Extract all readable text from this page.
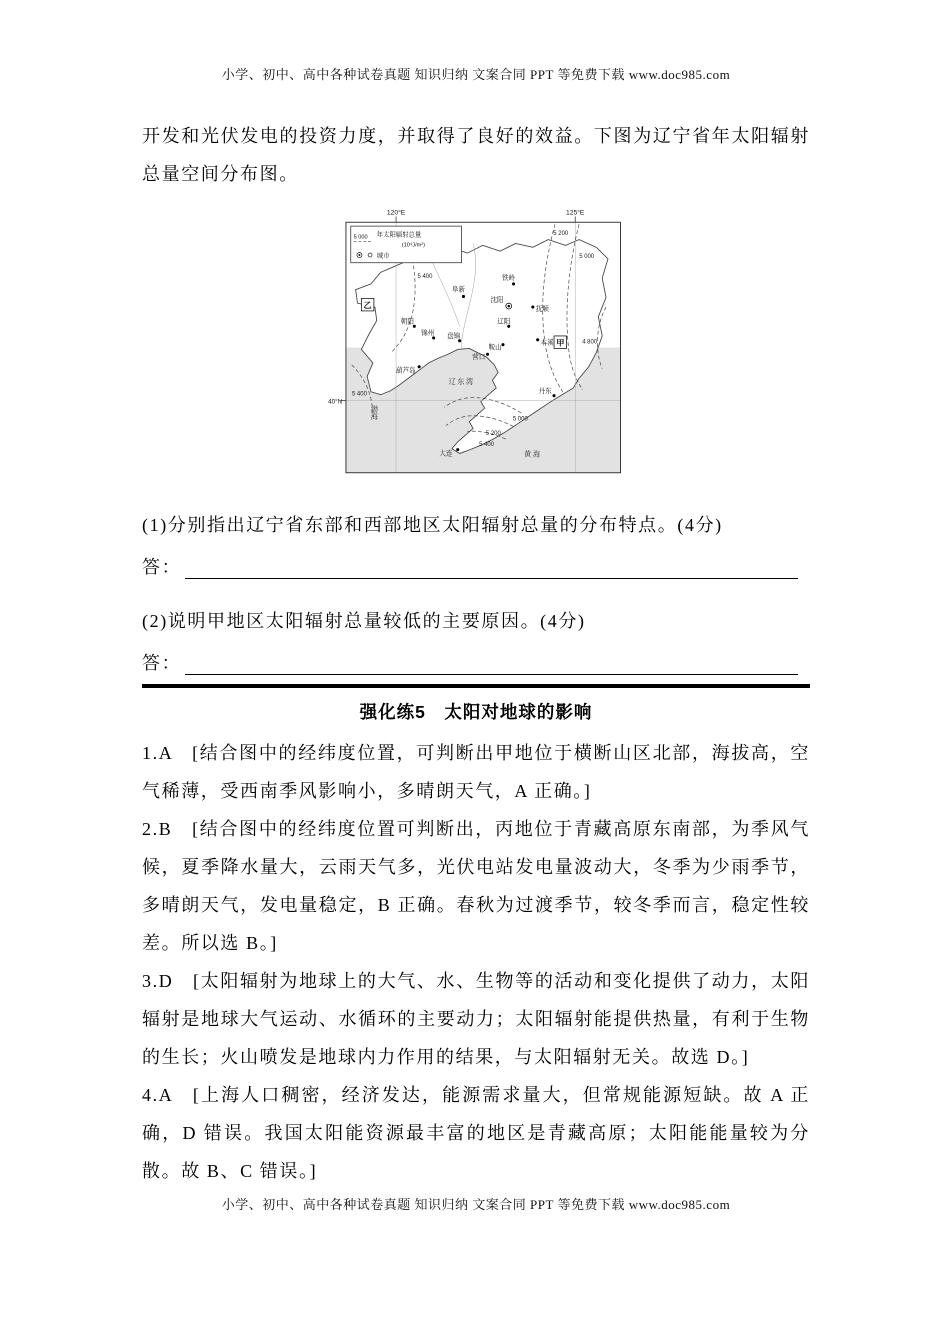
小学、初中、高中各种试卷真题 知识归纳 文案合同 PPT 等免费下载 www.doc985.com

开发和光伏发电的投资力度，并取得了良好的效益。下图为辽宁省年太阳辐射总量空间分布图。

120°E	125°E
40°N
年太阳辐射总量
(10⁴J/m²)
5 000
城市
甲
乙
铁岭
阜新
沈阳
抚顺
朝阳
锦州 盘锦
辽阳
本溪
鞍山
营口
葫芦岛
丹东
大连
5 200
5 000
5 400
4 800
5 400
5 000
5 200
5 400
辽东湾
渤海
黄海

(1)分别指出辽宁省东部和西部地区太阳辐射总量的分布特点。(4分)

答：

(2)说明甲地区太阳辐射总量较低的主要原因。(4分)

答：

强化练5　太阳对地球的影响

1.A　[结合图中的经纬度位置，可判断出甲地位于横断山区北部，海拔高，空气稀薄，受西南季风影响小，多晴朗天气，A 正确。]

2.B　[结合图中的经纬度位置可判断出，丙地位于青藏高原东南部，为季风气候，夏季降水量大，云雨天气多，光伏电站发电量波动大，冬季为少雨季节，多晴朗天气，发电量稳定，B 正确。春秋为过渡季节，较冬季而言，稳定性较差。所以选 B。]

3.D　[太阳辐射为地球上的大气、水、生物等的活动和变化提供了动力，太阳辐射是地球大气运动、水循环的主要动力；太阳辐射能提供热量，有利于生物的生长；火山喷发是地球内力作用的结果，与太阳辐射无关。故选 D。]

4.A　[上海人口稠密，经济发达，能源需求量大，但常规能源短缺。故 A 正确，D 错误。我国太阳能资源最丰富的地区是青藏高原；太阳能能量较为分散。故 B、C 错误。]

小学、初中、高中各种试卷真题 知识归纳 文案合同 PPT 等免费下载 www.doc985.com
